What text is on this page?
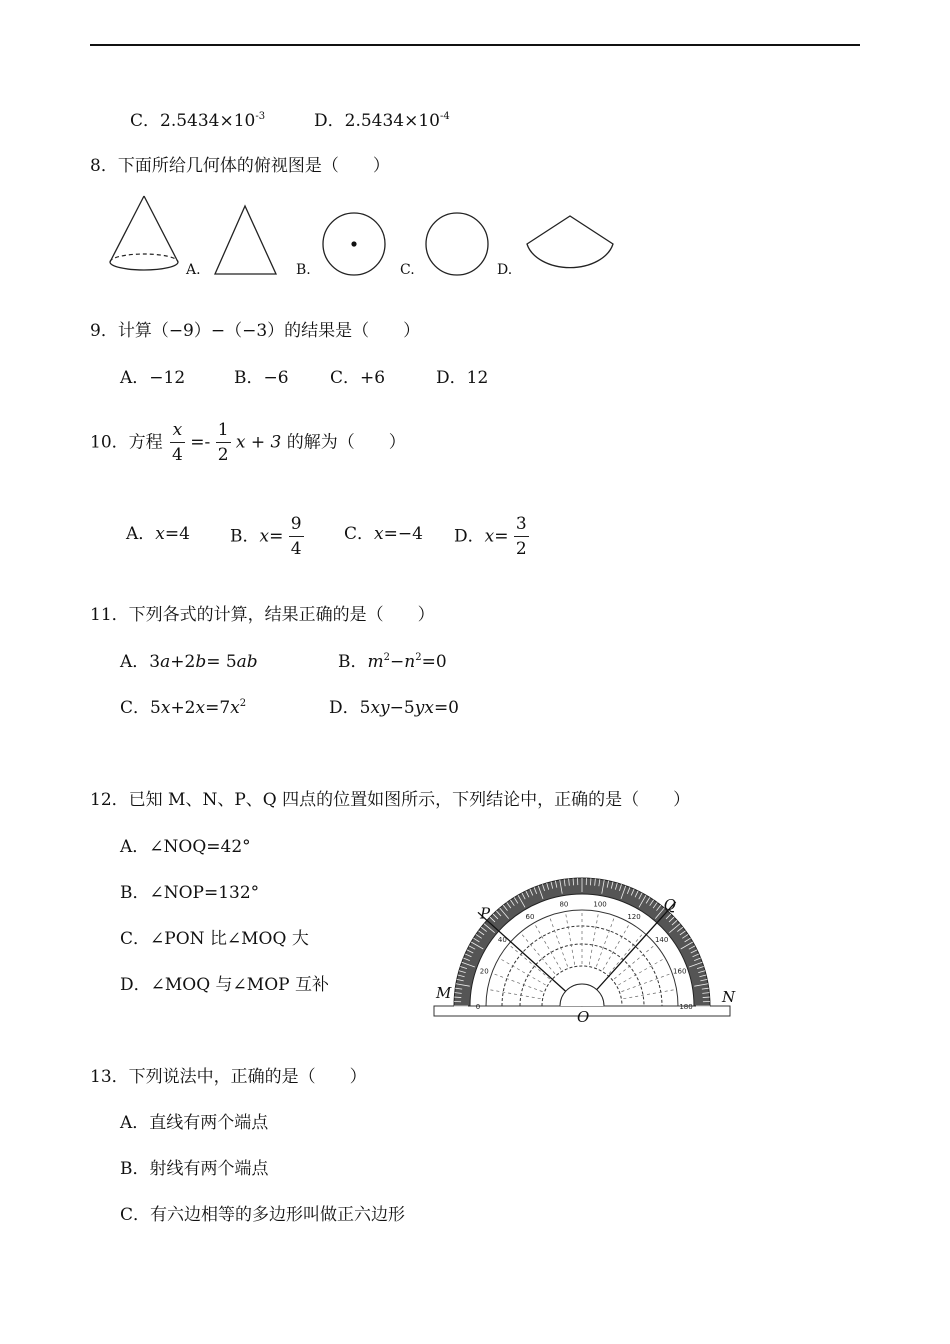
C．$2.5434\times 10^{-3}$	D．$2.5434\times 10^{-4}$
8．下面所给几何体的俯视图是（　　）
A.	B.	C.	D.
9．计算（−9）−（−3）的结果是（　　）
A．−12	B．−6 C．+6	D．12
10．方程 $\frac{x}{4} =- \frac{1}{2}$ x + 3 的解为（　　）
A．x=4 B．$x= \frac{9}{4}$ C．x=−4 D．$x= \frac{3}{2}$
11．下列各式的计算，结果正确的是（　　）
A．3a+2b= 5ab	B．$m^2-n^2=0$
C．$5x+2x=7x^2$	D．5xy−5yx=0
12．已知 M、N、P、Q 四点的位置如图所示，下列结论中，正确的是（　　）
A．∠NOQ=42°
B．∠NOP=132°
C．∠PON 比∠MOQ 大
D．∠MOQ 与∠MOP 互补
0
20
40
60
80	100
120
140
160
180
M	N
P	Q
O
13．下列说法中，正确的是（　　）
A．直线有两个端点
B．射线有两个端点
C．有六边相等的多边形叫做正六边形
